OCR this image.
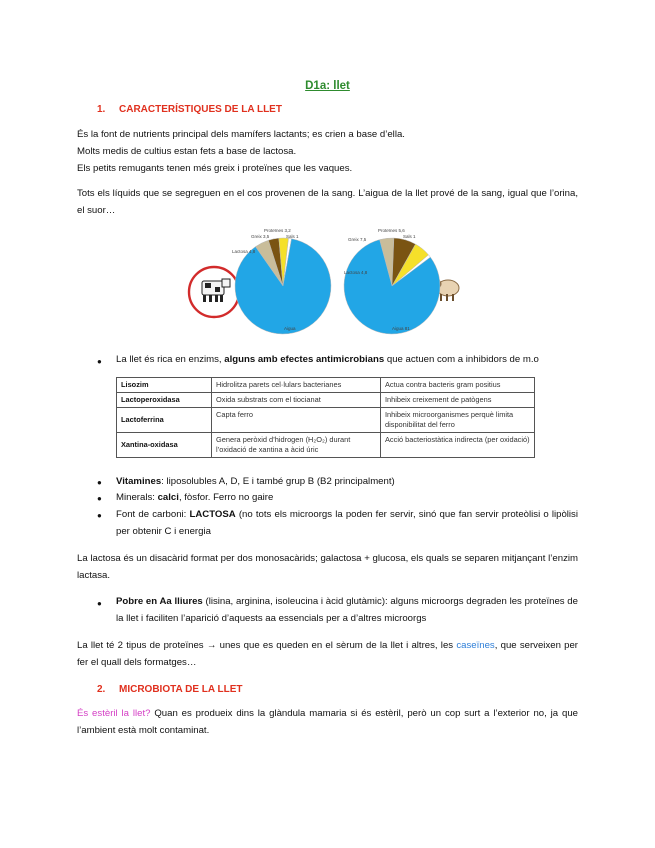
D1a: llet
1. CARACTERÍSTIQUES DE LA LLET
És la font de nutrients principal dels mamífers lactants; es crien a base d’ella.
Molts medis de cultius estan fets a base de lactosa.
Els petits remugants tenen més greix i proteïnes que les vaques.
Tots els líquids que se segreguen en el cos provenen de la sang. L’aigua de la llet prové de la sang, igual que l’orina, el suor…
Aigua
Lactosa 4,8
Greix 3,5
Proteïnes 3,2
Sals 1
Aigua 81
Lactosa 4,8
Greix 7,5
Proteïnes 5,6
Sals 1
● La llet és rica en enzims, alguns amb efectes antimicrobians que actuen com a inhibidors de m.o
Lisozim	Hidrolitza parets cel·lulars bacterianes	Actua contra bacteris gram positius
Lactoperoxidasa	Oxida substrats com el tiocianat	Inhibeix creixement de patògens
Lactoferrina	Capta ferro	Inhibeix microorganismes perquè limita disponibilitat del ferro
Xantina-oxidasa	Genera peròxid d’hidrogen (H₂O₂) durant l’oxidació de xantina a àcid úric	Acció bacteriostàtica indirecta (per oxidació)
● Vitamines: liposolubles A, D, E i també grup B (B2 principalment)
● Minerals: calci, fòsfor. Ferro no gaire
● Font de carboni: LACTOSA (no tots els microorgs la poden fer servir, sinó que fan servir proteòlisi o lipòlisi per obtenir C i energia
La lactosa és un disacàrid format per dos monosacàrids; galactosa + glucosa, els quals se separen mitjançant l’enzim lactasa.
● Pobre en Aa lliures (lisina, arginina, isoleucina i àcid glutàmic): alguns microorgs degraden les proteïnes de la llet i faciliten l’aparició d’aquests aa essencials per a d’altres microorgs
La llet té 2 tipus de proteïnes → unes que es queden en el sèrum de la llet i altres, les caseïnes, que serveixen per fer el quall dels formatges…
2. MICROBIOTA DE LA LLET
És estèril la llet? Quan es produeix dins la glàndula mamaria si és estèril, però un cop surt a l’exterior no, ja que l’ambient està molt contaminat.
